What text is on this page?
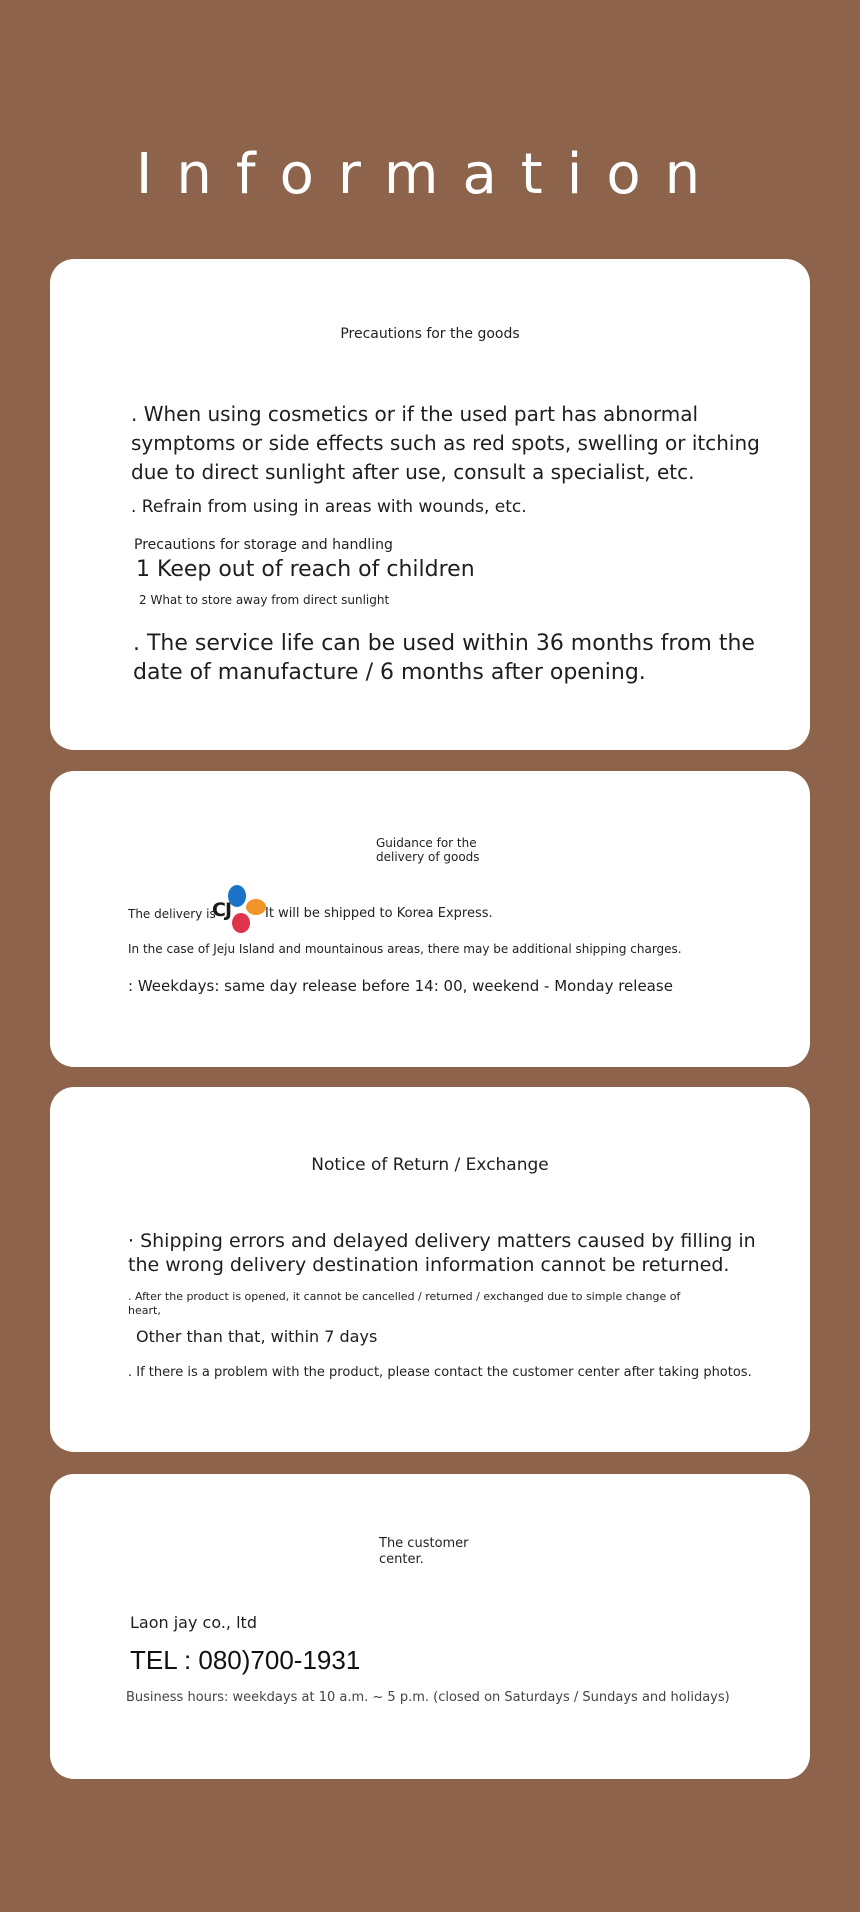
Information
Precautions for the goods
. When using cosmetics or if the used part has abnormal
symptoms or side effects such as red spots, swelling or itching
due to direct sunlight after use, consult a specialist, etc.
. Refrain from using in areas with wounds, etc.
Precautions for storage and handling
1 Keep out of reach of children
2 What to store away from direct sunlight
. The service life can be used within 36 months from the
date of manufacture / 6 months after opening.
Guidance for the
delivery of goods
The delivery is
CJ	It will be shipped to Korea Express.
In the case of Jeju Island and mountainous areas, there may be additional shipping charges.
: Weekdays: same day release before 14: 00, weekend - Monday release
Notice of Return / Exchange
· Shipping errors and delayed delivery matters caused by filling in
the wrong delivery destination information cannot be returned.
. After the product is opened, it cannot be cancelled / returned / exchanged due to simple change of
heart,
Other than that, within 7 days
. If there is a problem with the product, please contact the customer center after taking photos.
The customer
center.
Laon jay co., ltd
TEL : 080)700-1931
Business hours: weekdays at 10 a.m. ~ 5 p.m. (closed on Saturdays / Sundays and holidays)
